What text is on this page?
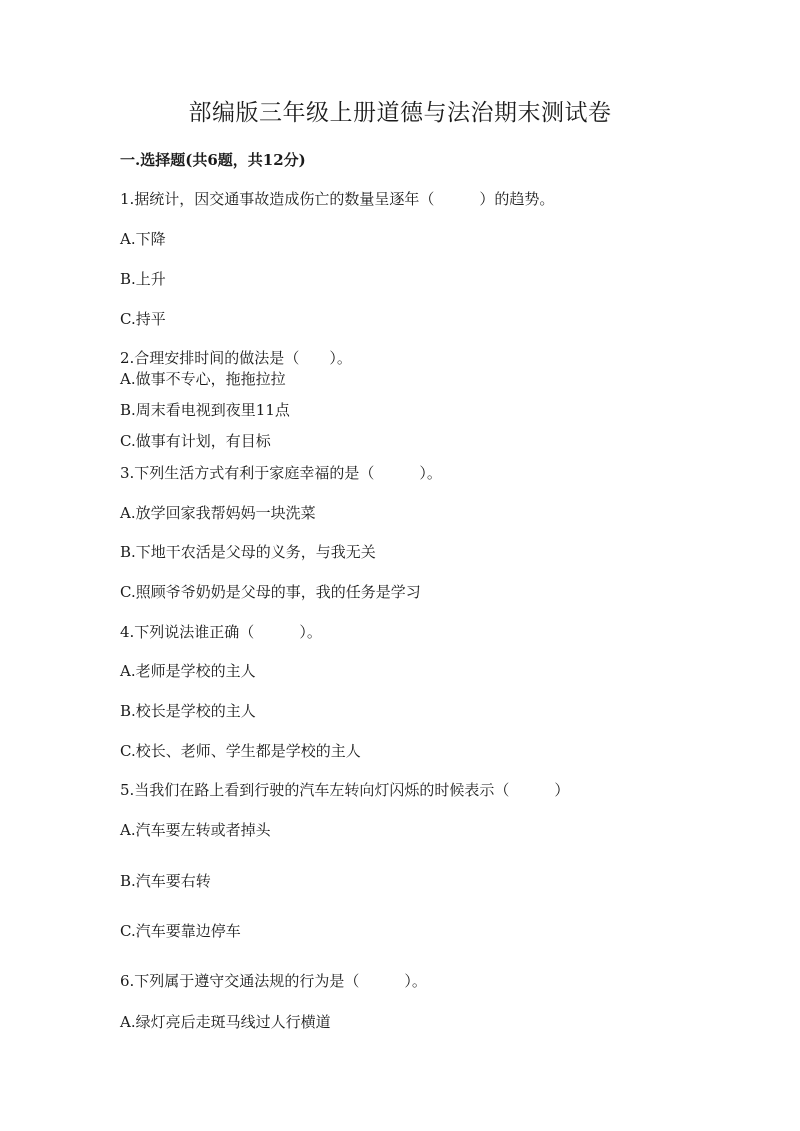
部编版三年级上册道德与法治期末测试卷
一.选择题(共6题，共12分)
1.据统计，因交通事故造成伤亡的数量呈逐年（　　　）的趋势。
A.下降
B.上升
C.持平
2.合理安排时间的做法是（　　）。
A.做事不专心，拖拖拉拉
B.周末看电视到夜里11点
C.做事有计划，有目标
3.下列生活方式有利于家庭幸福的是（　　　）。
A.放学回家我帮妈妈一块洗菜
B.下地干农活是父母的义务，与我无关
C.照顾爷爷奶奶是父母的事，我的任务是学习
4.下列说法谁正确（　　　）。
A.老师是学校的主人
B.校长是学校的主人
C.校长、老师、学生都是学校的主人
5.当我们在路上看到行驶的汽车左转向灯闪烁的时候表示（　　　）
A.汽车要左转或者掉头
B.汽车要右转
C.汽车要靠边停车
6.下列属于遵守交通法规的行为是（　　　）。
A.绿灯亮后走斑马线过人行横道
